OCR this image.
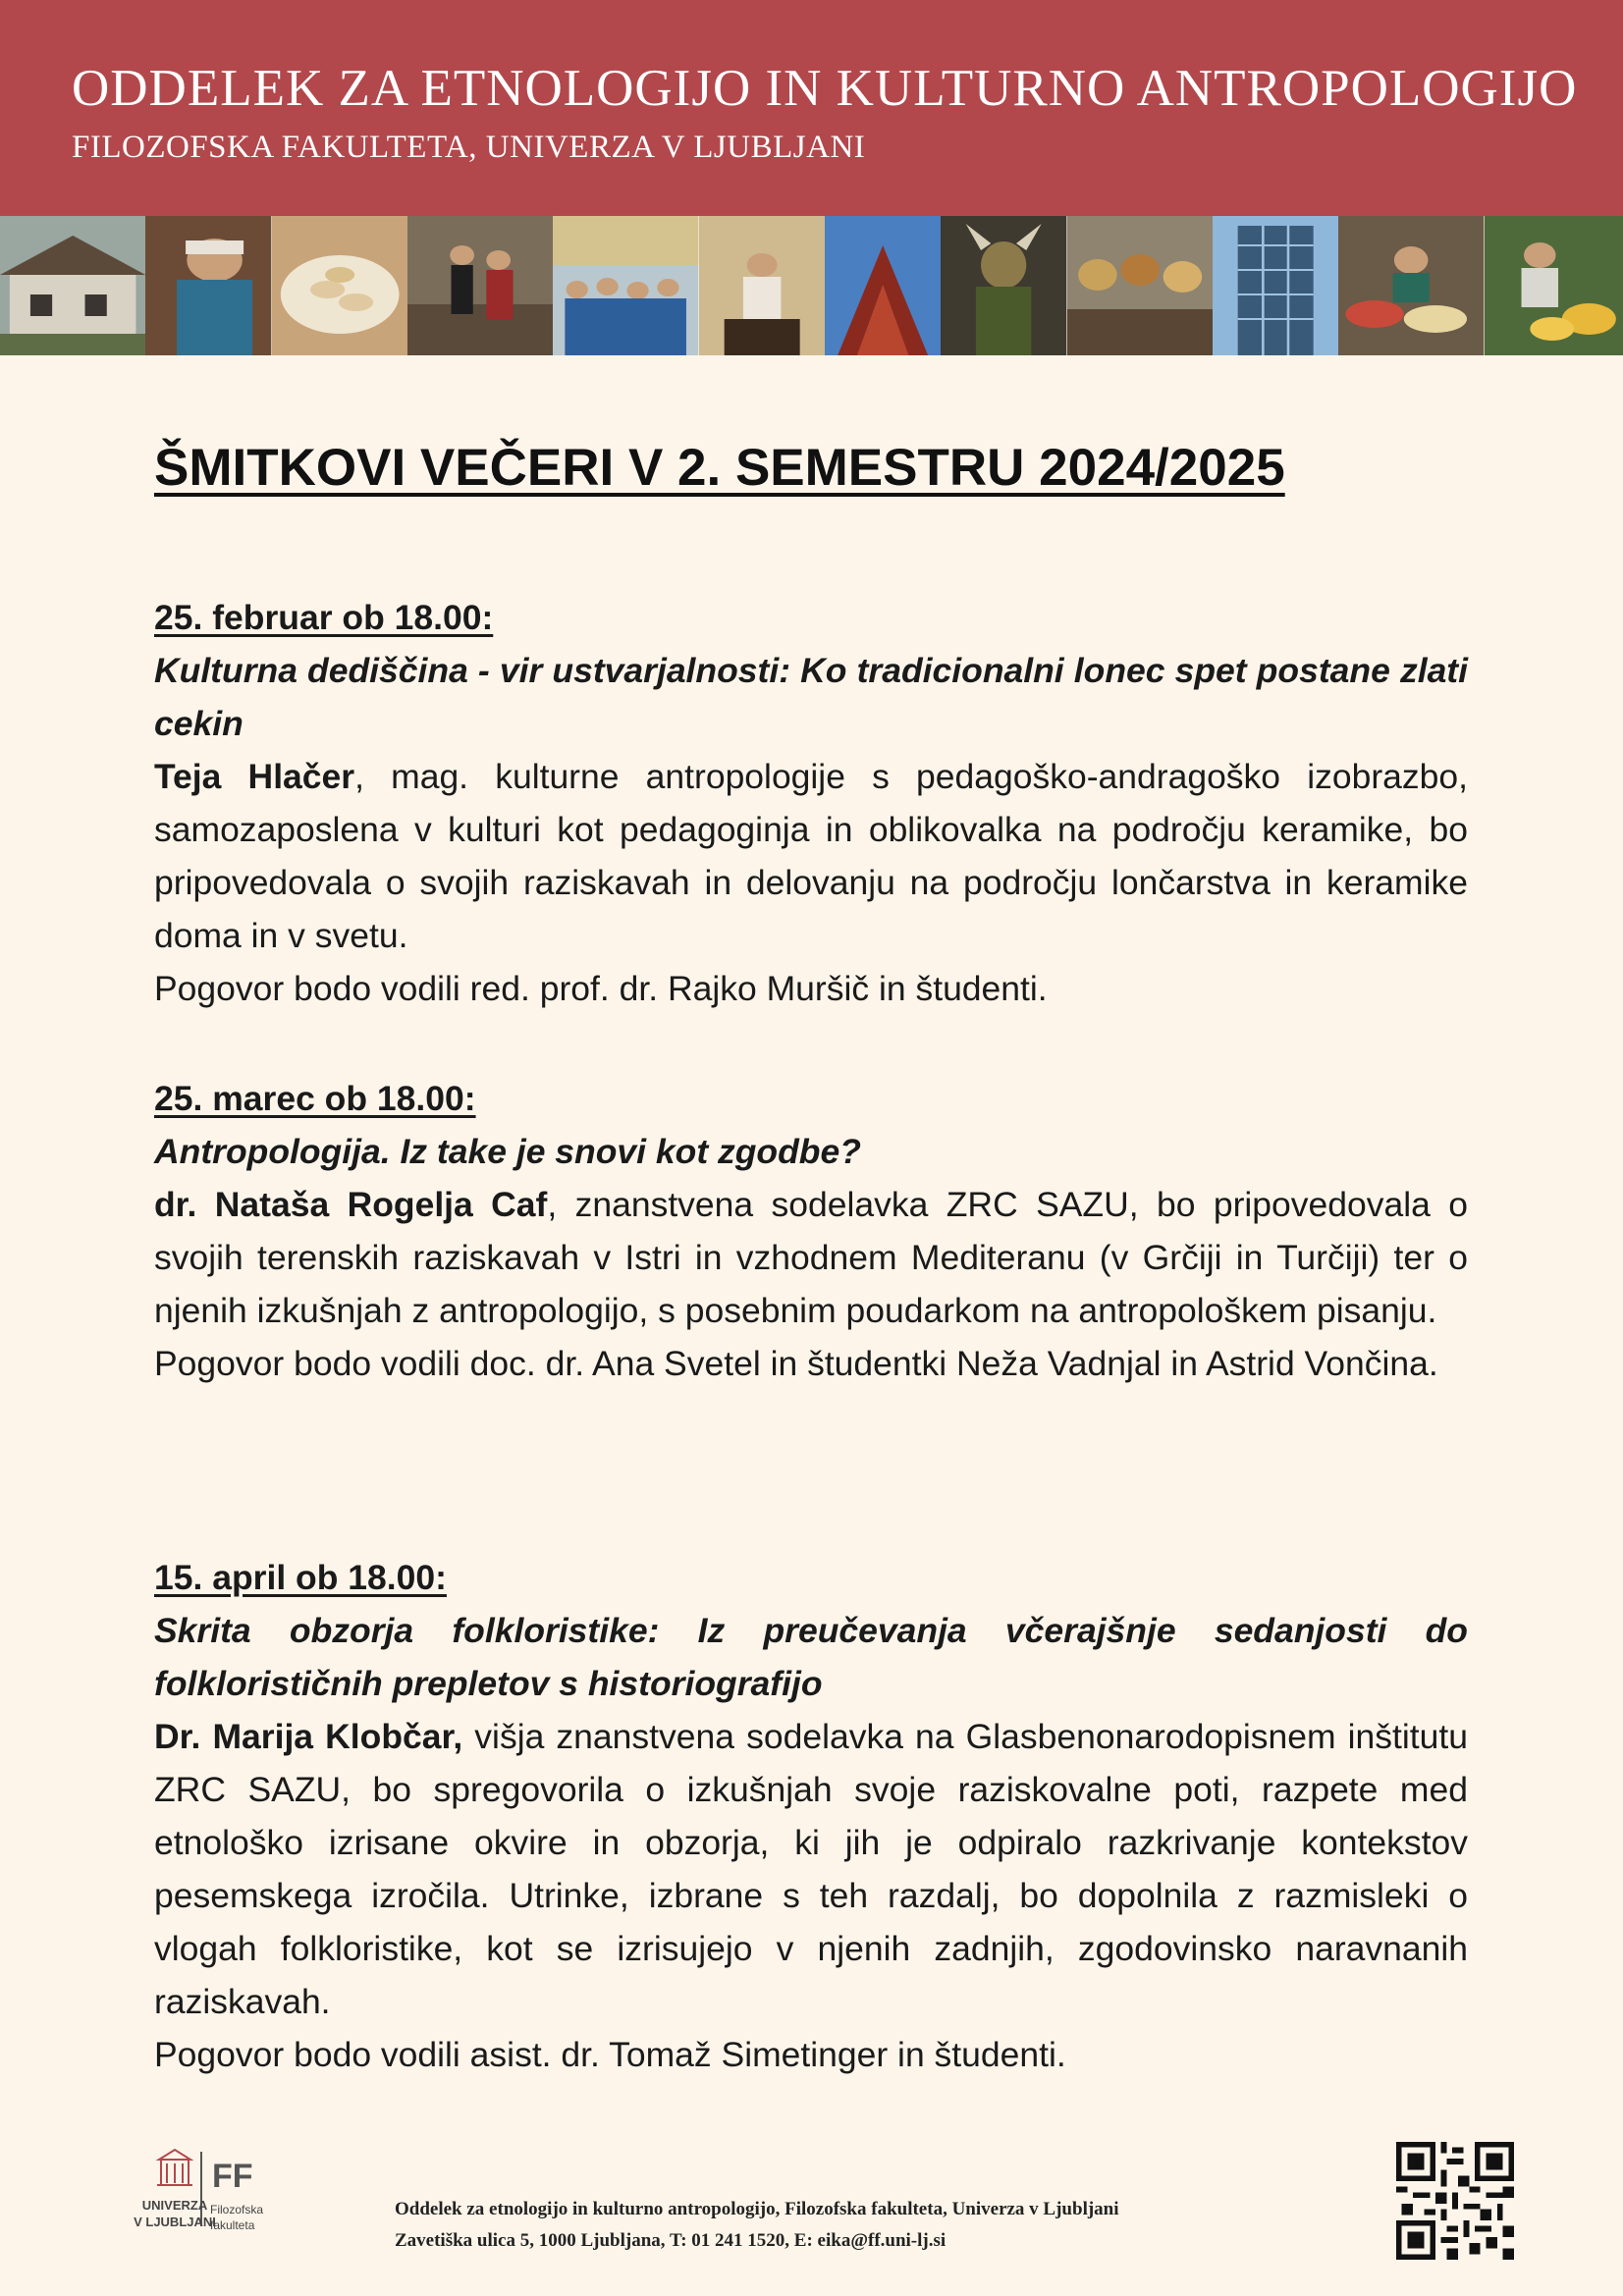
ODDELEK ZA ETNOLOGIJO IN KULTURNO ANTROPOLOGIJO
FILOZOFSKA FAKULTETA, UNIVERZA V LJUBLJANI
ŠMITKOVI VEČERI V 2. SEMESTRU 2024/2025

25. februar ob 18.00:

Kulturna dediščina - vir ustvarjalnosti: Ko tradicionalni lonec spet postane zlati cekin

Teja Hlačer, mag. kulturne antropologije s pedagoško-andragoško izobrazbo, samozaposlena v kulturi kot pedagoginja in oblikovalka na področju keramike, bo pripovedovala o svojih raziskavah in delovanju na področju lončarstva in keramike doma in v svetu.

Pogovor bodo vodili red. prof. dr. Rajko Muršič in študenti.

25. marec ob 18.00:

Antropologija. Iz take je snovi kot zgodbe?

dr. Nataša Rogelja Caf, znanstvena sodelavka ZRC SAZU, bo pripovedovala o svojih terenskih raziskavah v Istri in vzhodnem Mediteranu (v Grčiji in Turčiji) ter o njenih izkušnjah z antropologijo, s posebnim poudarkom na antropološkem pisanju.

Pogovor bodo vodili doc. dr. Ana Svetel in študentki Neža Vadnjal in Astrid Vončina.

15. april ob 18.00:

Skrita obzorja folkloristike: Iz preučevanja včerajšnje sedanjosti do folklorističnih prepletov s historiografijo

Dr. Marija Klobčar, višja znanstvena sodelavka na Glasbenonarodopisnem inštitutu ZRC SAZU, bo spregovorila o izkušnjah svoje raziskovalne poti, razpete med etnološko izrisane okvire in obzorja, ki jih je odpiralo razkrivanje kontekstov pesemskega izročila. Utrinke, izbrane s teh razdalj, bo dopolnila z razmisleki o vlogah folkloristike, kot se izrisujejo v njenih zadnjih, zgodovinsko naravnanih raziskavah.

Pogovor bodo vodili asist. dr. Tomaž Simetinger in študenti.

FF
UNIVERZA
V LJUBLJANI
Filozofska
fakulteta
Oddelek za etnologijo in kulturno antropologijo, Filozofska fakulteta, Univerza v Ljubljani
Zavetiška ulica 5, 1000 Ljubljana, T: 01 241 1520, E: eika@ff.uni-lj.si
